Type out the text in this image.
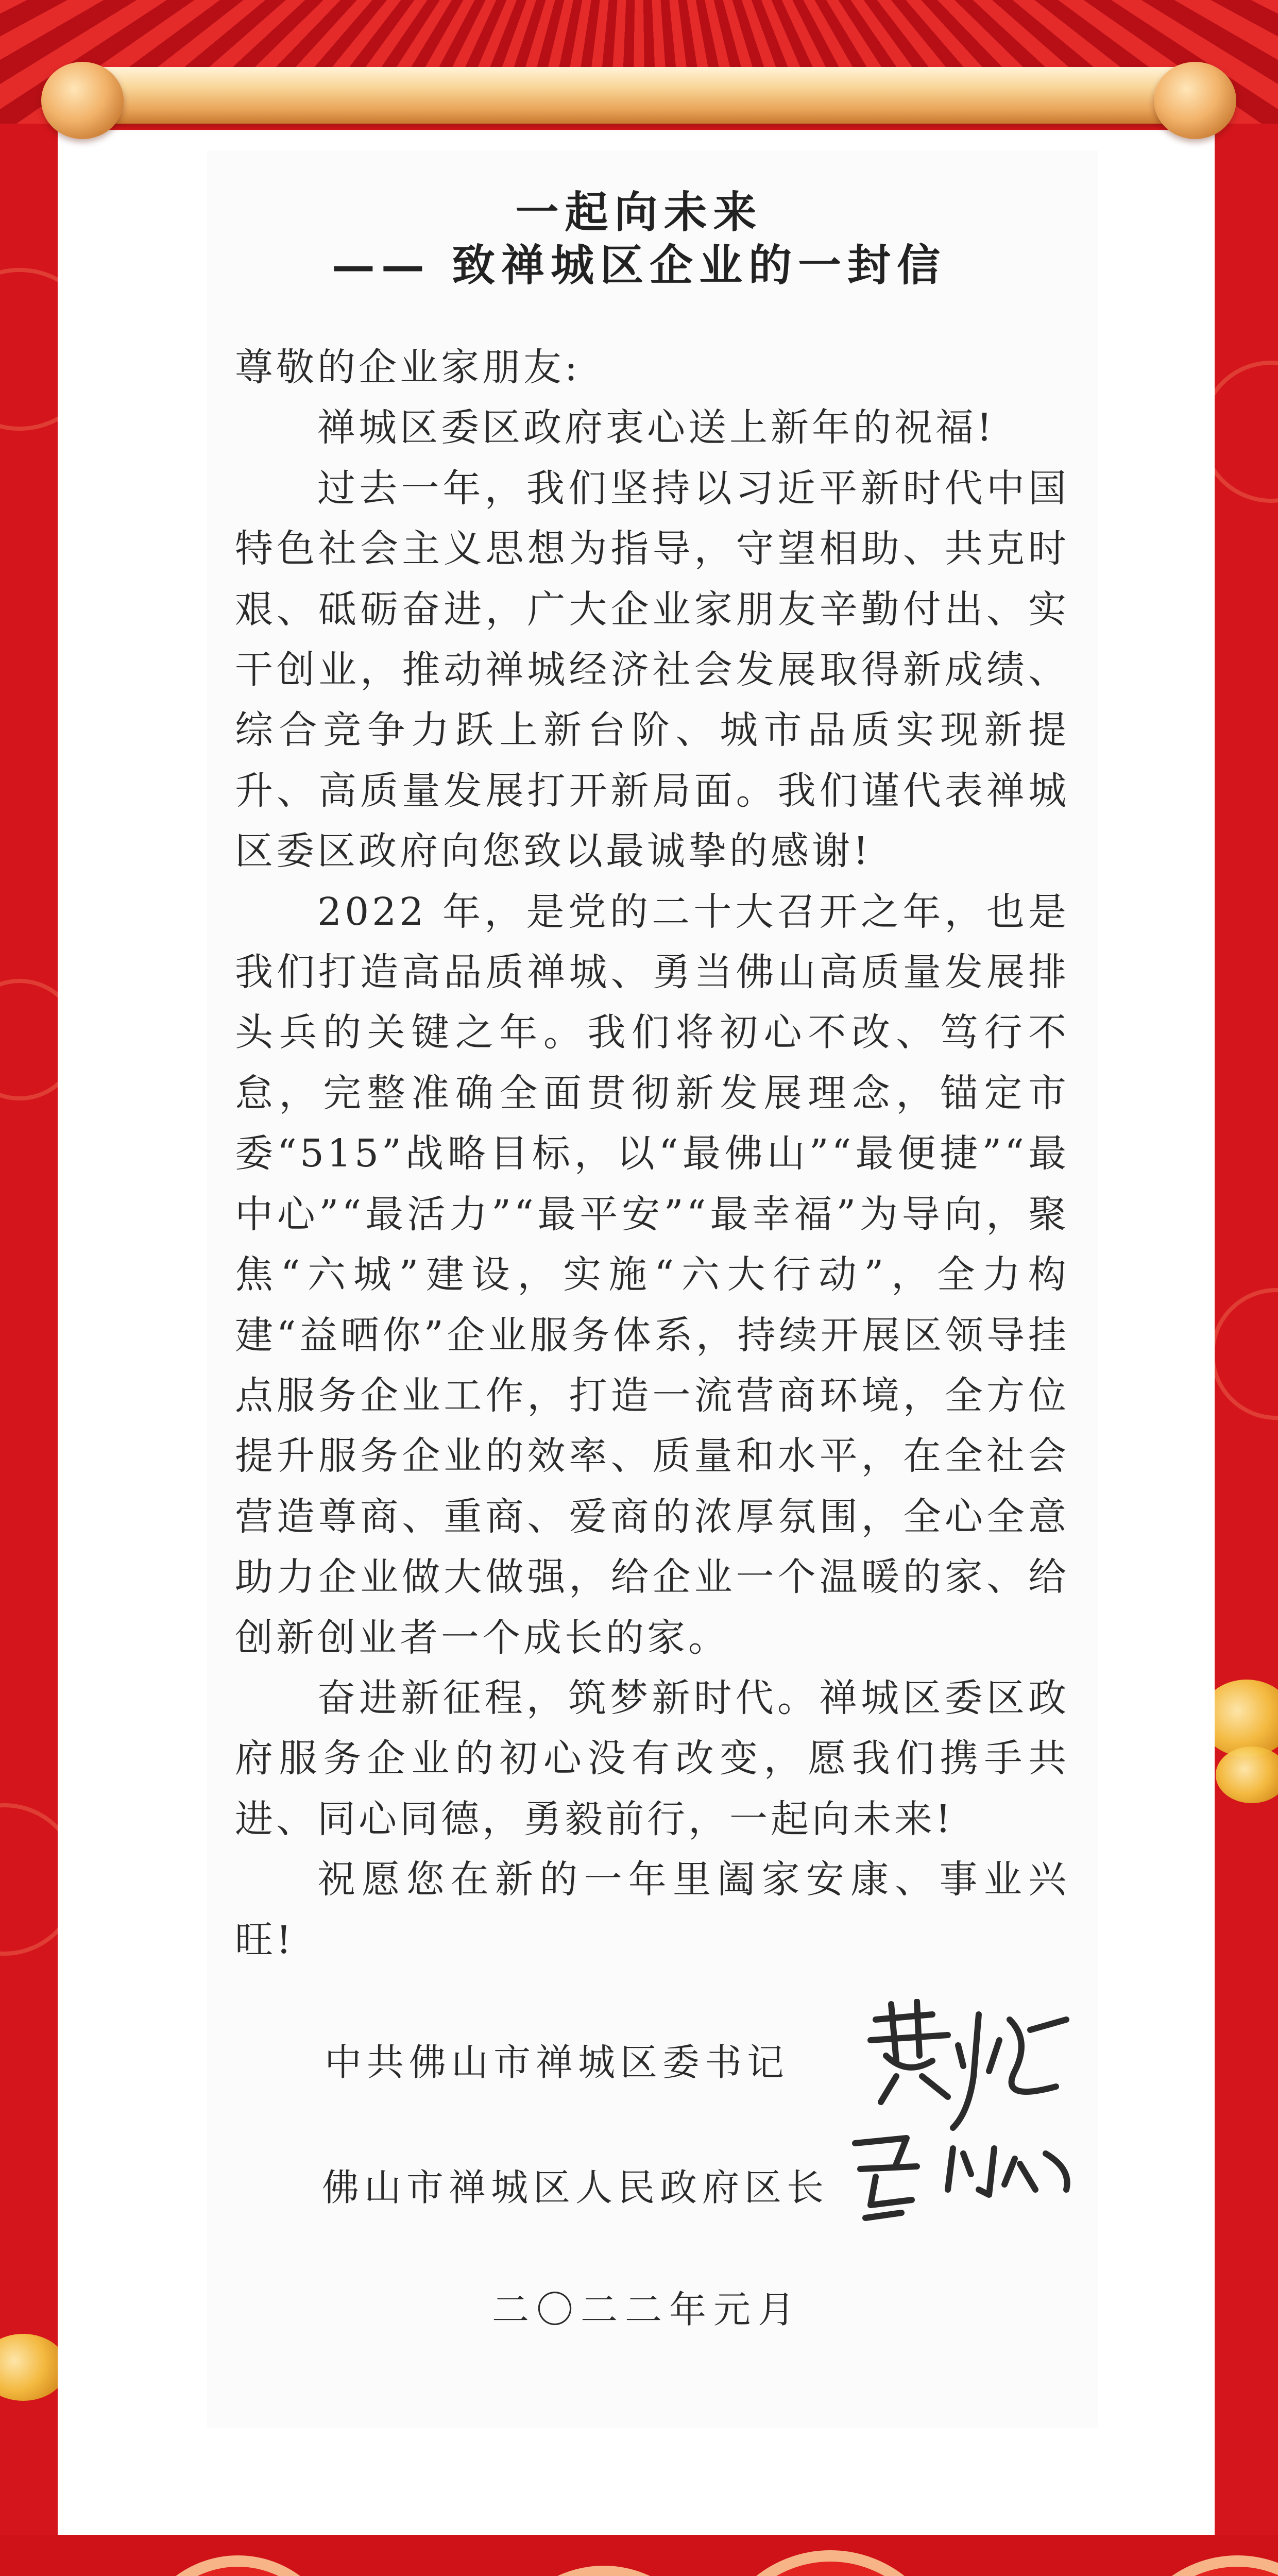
一起向未来
—— 致禅城区企业的一封信

尊敬的企业家朋友:

禅城区委区政府衷心送上新年的祝福!

过去一年，我们坚持以习近平新时代中国特色社会主义思想为指导，守望相助、共克时艰、砥砺奋进，广大企业家朋友辛勤付出、实干创业，推动禅城经济社会发展取得新成绩、综合竞争力跃上新台阶、城市品质实现新提升、高质量发展打开新局面。我们谨代表禅城区委区政府向您致以最诚挚的感谢!

2022 年，是党的二十大召开之年，也是我们打造高品质禅城、勇当佛山高质量发展排头兵的关键之年。我们将初心不改、笃行不怠，完整准确全面贯彻新发展理念，锚定市委“515”战略目标，以“最佛山”“最便捷”“最中心”“最活力”“最平安”“最幸福”为导向，聚焦“六城”建设，实施“六大行动”，全力构建“益晒你”企业服务体系，持续开展区领导挂点服务企业工作，打造一流营商环境，全方位提升服务企业的效率、质量和水平，在全社会营造尊商、重商、爱商的浓厚氛围，全心全意助力企业做大做强，给企业一个温暖的家、给创新创业者一个成长的家。

奋进新征程，筑梦新时代。禅城区委区政府服务企业的初心没有改变，愿我们携手共进、同心同德，勇毅前行，一起向未来!

祝愿您在新的一年里阖家安康、事业兴旺!

中共佛山市禅城区委书记
佛山市禅城区人民政府区长
二〇二二年元月
